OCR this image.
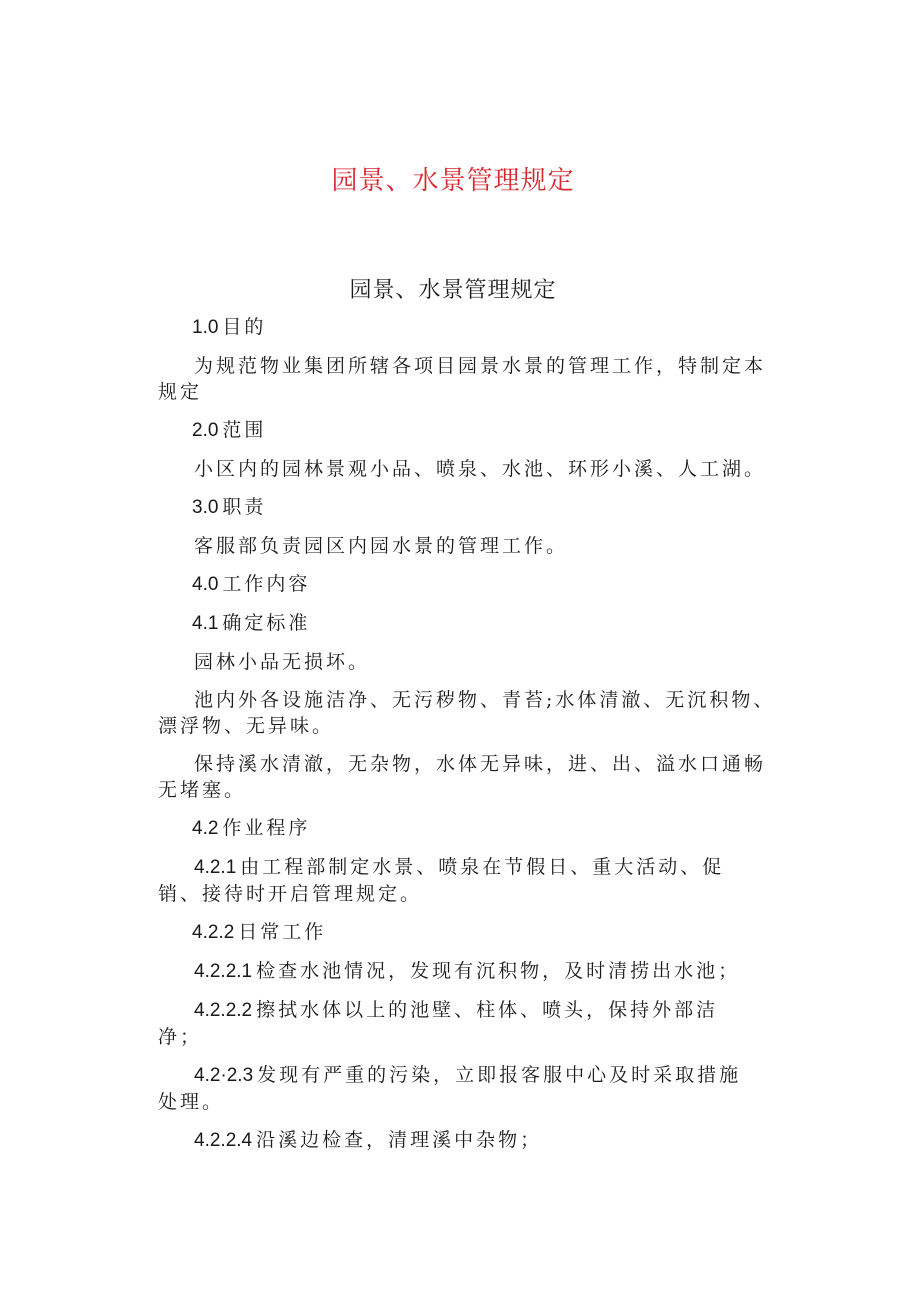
园景、水景管理规定
园景、水景管理规定
1.0 目的
为规范物业集团所辖各项目园景水景的管理工作，特制定本
规定
2.0 范围
小区内的园林景观小品、喷泉、水池、环形小溪、人工湖。
3.0 职责
客服部负责园区内园水景的管理工作。
4.0 工作内容
4.1 确定标准
园林小品无损坏。
池内外各设施洁净、无污秽物、青苔;水体清澈、无沉积物、
漂浮物、无异味。
保持溪水清澈，无杂物，水体无异味，进、出、溢水口通畅
无堵塞。
4.2 作业程序
4.2.1 由工程部制定水景、喷泉在节假日、重大活动、促
销、接待时开启管理规定。
4.2.2 日常工作
4.2.2.1 检查水池情况，发现有沉积物，及时清捞出水池；
4.2.2.2 擦拭水体以上的池壁、柱体、喷头，保持外部洁
净；
4.2·2.3 发现有严重的污染，立即报客服中心及时采取措施
处理。
4.2.2.4 沿溪边检查，清理溪中杂物；
